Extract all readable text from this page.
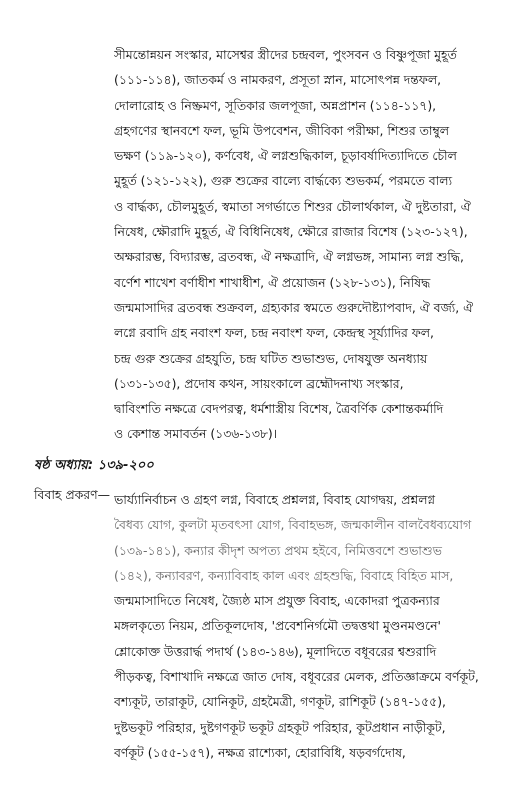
সীমন্তোন্নয়ন সংস্কার, মাসেশ্বর স্ত্রীদের চন্দ্রবল, পুংসবন ও বিষ্ণুপূজা মুহূর্ত
(১১১-১১৪), জাতকর্ম ও নামকরণ, প্রসূতা স্নান, মাসোৎপন্ন দন্তফল,
দোলারোহ ও নিষ্ক্রমণ, সূতিকার জলপূজা, অন্নপ্রাশন (১১৪-১১৭),
গ্রহগণের স্থানবশে ফল, ভূমি উপবেশন, জীবিকা পরীক্ষা, শিশুর তাম্বুল
ভক্ষণ (১১৯-১২০), কর্ণবেধ, ঐ লগ্নশুদ্ধিকাল, চূড়াবর্ষাদিত্যাদিতে চৌল
মুহূর্ত (১২১-১২২), গুরু শুক্রের বাল্যে বার্দ্ধক্যে শুভকর্ম, পরমতে বাল্য
ও বার্দ্ধক্য, চৌলমুহূর্ত, স্বমাতা সগর্ভাতে শিশুর চৌলার্থকাল, ঐ দুষ্টতারা, ঐ
নিষেধ, ক্ষৌরাদি মুহূর্ত, ঐ বিধিনিষেধ, ক্ষৌরে রাজার বিশেষ (১২৩-১২৭),
অক্ষরারম্ভ, বিদ্যারম্ভ, ব্রতবন্ধ, ঐ নক্ষত্রাদি, ঐ লগ্নভঙ্গ, সামান্য লগ্ন শুদ্ধি,
বর্ণেশ শাখেশ বর্ণাধীশ শাখাধীশ, ঐ প্রয়োজন (১২৮-১৩১), নিষিদ্ধ
জন্মমাসাদির ব্রতবন্ধ শুক্রবল, গ্রহ্যকার স্বমতে গুরুদৌষ্ট্যাপবাদ, ঐ বর্জ্য, ঐ
লগ্নে রবাদি গ্রহ নবাংশ ফল, চন্দ্র নবাংশ ফল, কেন্দ্রস্থ সূর্য্যাদির ফল,
চন্দ্র গুরু শুক্রের গ্রহযুতি, চন্দ্র ঘটিত শুভাশুভ, দোষযুক্ত অনধ্যায়
(১৩১-১৩৫), প্রদোষ কথন, সায়ংকালে ব্রহ্মৌদনাখ্য সংস্কার,
দ্বাবিংশতি নক্ষত্রে বেদপরত্ব, ধর্মশাস্ত্রীয় বিশেষ, ত্রৈবর্ণিক কেশান্তকর্মাদি
ও কেশান্ত সমাবর্তন (১৩৬-১৩৮)।
ষষ্ঠ অধ্যায়: ১৩৯-২০০
বিবাহ প্রকরণ— ভার্য্যানির্বাচন ও গ্রহণ লগ্ন, বিবাহে প্রশ্নলগ্ন, বিবাহ যোগদ্বয়, প্রশ্নলগ্ন
বৈধব্য যোগ, কুলটা মৃতবৎসা যোগ, বিবাহভঙ্গ, জন্মকালীন বালবৈধব্যযোগ
(১৩৯-১৪১), কন্যার কীদৃশ অপত্য প্রথম হইবে, নিমিত্তবশে শুভাশুভ
(১৪২), কন্যাবরণ, কন্যাবিবাহ কাল এবং গ্রহশুদ্ধি, বিবাহে বিহিত মাস,
জন্মমাসাদিতে নিষেধ, জ্যৈষ্ঠ মাস প্রযুক্ত বিবাহ, একোদরা পুত্রকন্যার
মঙ্গলকৃত্যে নিয়ম, প্রতিকূলদোষ, 'প্রবেশনির্গমৌ তদ্বত্তথা মুণ্ডনমণ্ডনে'
শ্লোকোক্ত উত্তরার্দ্ধ পদার্থ (১৪৩-১৪৬), মূলাদিতে বধূবরের শ্বশুরাদি
পীড়কত্ব, বিশাখাদি নক্ষত্রে জাত দোষ, বধূবরের মেলক, প্রতিজ্ঞাক্রমে বর্ণকূট,
বশ্যকূট, তারাকূট, যোনিকূট, গ্রহমৈত্রী, গণকূট, রাশিকূট (১৪৭-১৫৫),
দুষ্টভকূট পরিহার, দুষ্টগণকূট ভকূট গ্রহকূট পরিহার, কূটপ্রধান নাড়ীকূট,
বর্ণকূট (১৫৫-১৫৭), নক্ষত্র রাশ্যেকা, হোরাবিধি, ষড়বর্গদোষ,
